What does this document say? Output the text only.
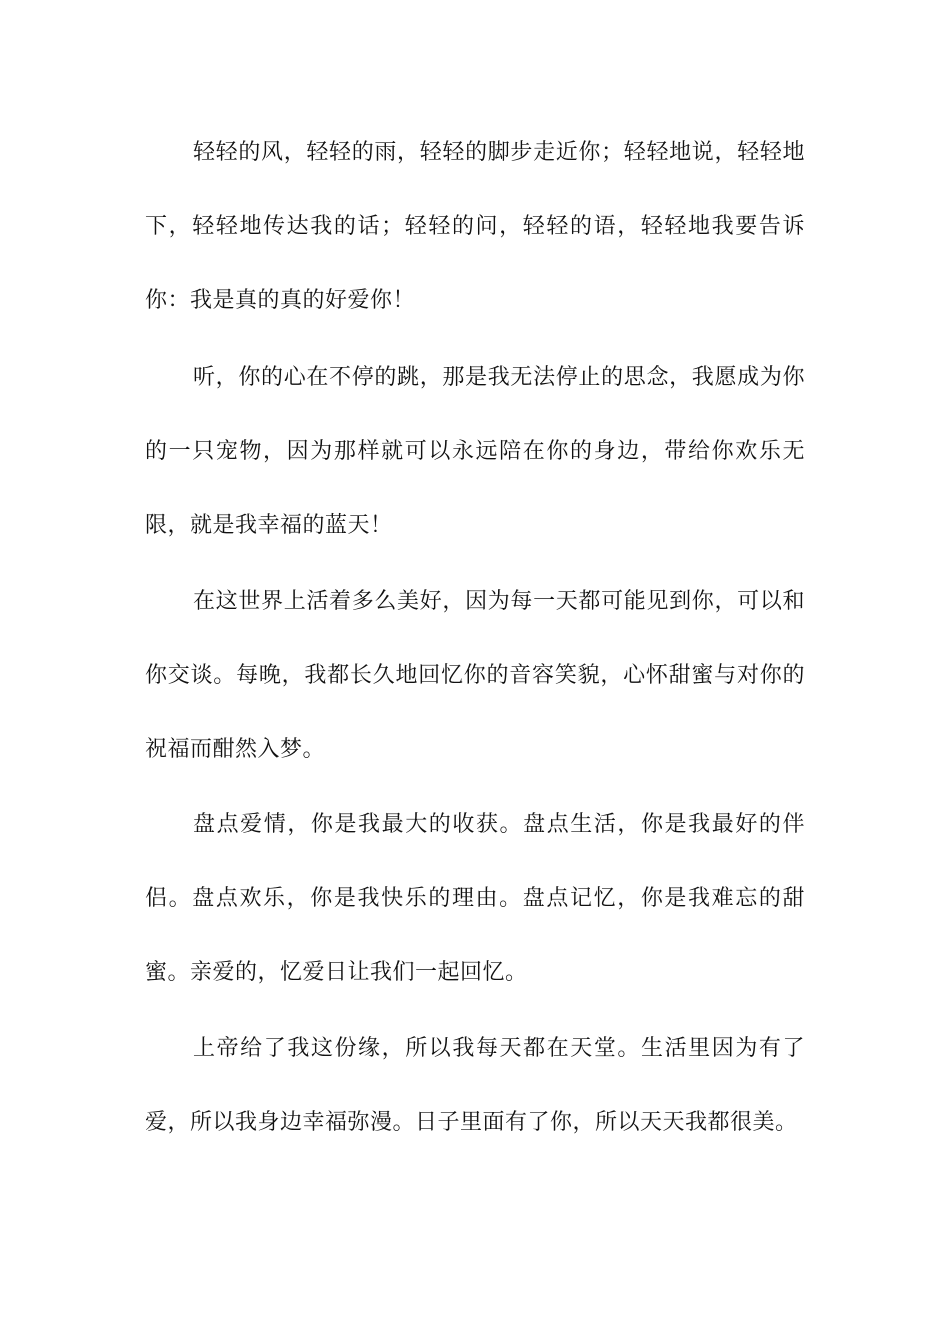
轻轻的风，轻轻的雨，轻轻的脚步走近你；轻轻地说，轻轻地下，轻轻地传达我的话；轻轻的问，轻轻的语，轻轻地我要告诉你：我是真的真的好爱你！

听，你的心在不停的跳，那是我无法停止的思念，我愿成为你的一只宠物，因为那样就可以永远陪在你的身边，带给你欢乐无限，就是我幸福的蓝天！

在这世界上活着多么美好，因为每一天都可能见到你，可以和你交谈。每晚，我都长久地回忆你的音容笑貌，心怀甜蜜与对你的祝福而酣然入梦。

盘点爱情，你是我最大的收获。盘点生活，你是我最好的伴侣。盘点欢乐，你是我快乐的理由。盘点记忆，你是我难忘的甜蜜。亲爱的，忆爱日让我们一起回忆。

上帝给了我这份缘，所以我每天都在天堂。生活里因为有了爱，所以我身边幸福弥漫。日子里面有了你，所以天天我都很美。
